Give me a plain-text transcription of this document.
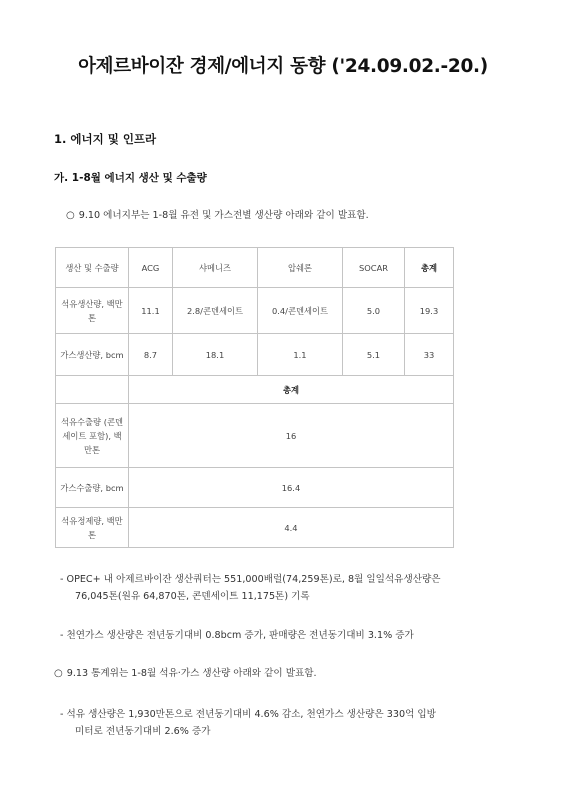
아제르바이잔 경제/에너지 동향 ('24.09.02.-20.)
1. 에너지 및 인프라
가. 1-8월 에너지 생산 및 수출량
○ 9.10 에너지부는 1-8월 유전 및 가스전별 생산량 아래와 같이 발표함.
생산 및 수출량	ACG	샤메니즈	압쉐론	SOCAR	총계
석유생산량, 백만톤	11.1	2.8/콘덴세이트	0.4/콘덴세이트	5.0	19.3
가스생산량, bcm	8.7	18.1	1.1	5.1	33
	총계				
석유수출량 (콘덴세이트 포함), 백만톤	16				
가스수출량, bcm	16.4				
석유정제량, 백만톤	4.4				
- OPEC+ 내 아제르바이잔 생산쿼터는 551,000배럴(74,259톤)로, 8월 일일석유생산량은
76,045톤(원유 64,870톤, 콘덴세이트 11,175톤) 기록
- 천연가스 생산량은 전년동기대비 0.8bcm 증가, 판매량은 전년동기대비 3.1% 증가
○ 9.13 통계위는 1-8월 석유·가스 생산량 아래와 같이 발표함.
- 석유 생산량은 1,930만톤으로 전년동기대비 4.6% 감소, 천연가스 생산량은 330억 입방
미터로 전년동기대비 2.6% 증가
